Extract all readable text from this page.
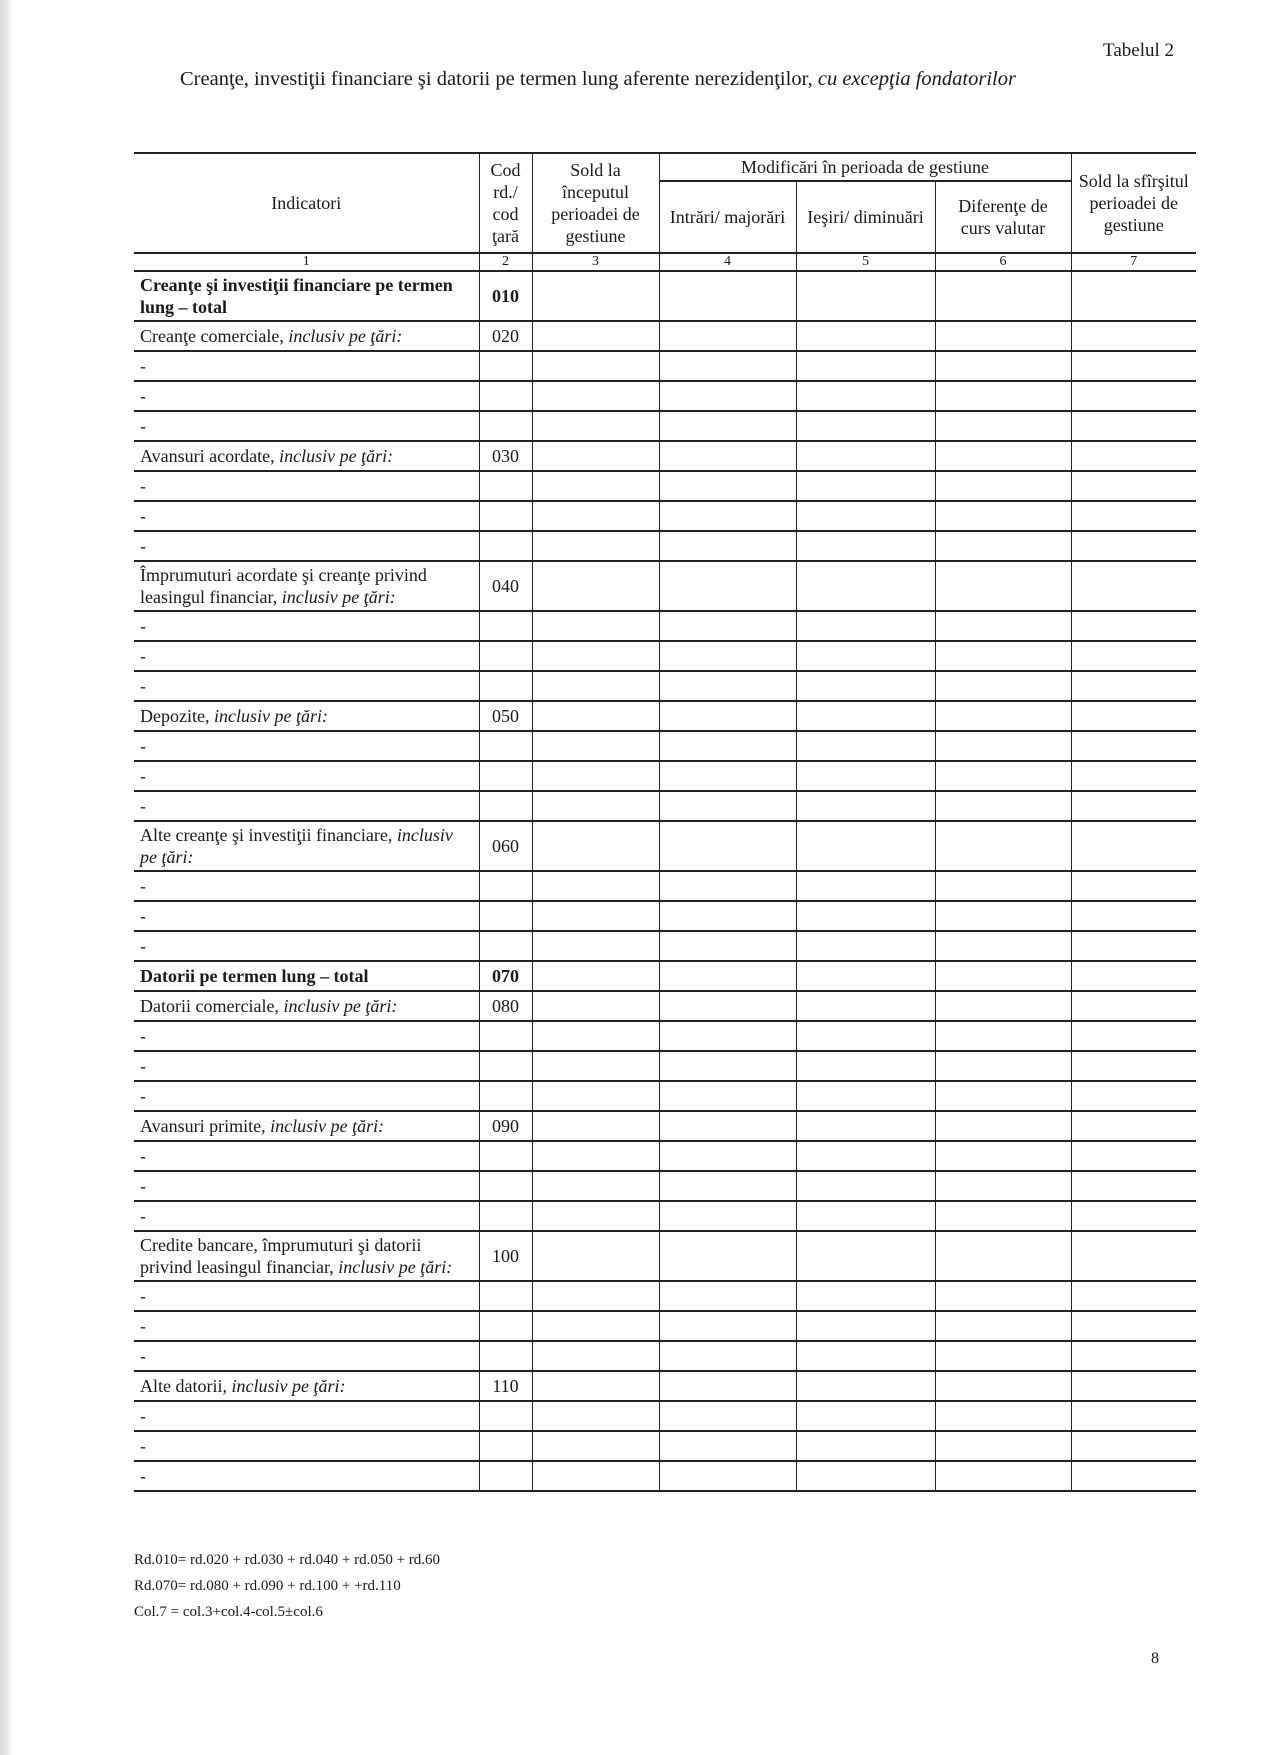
Tabelul 2
Creanţe, investiţii financiare şi datorii pe termen lung aferente nerezidenţilor, cu excepţia fondatorilor
Indicatori	Cod rd./ cod ţară	Sold la începutul perioadei de gestiune	Modificări în perioada de gestiune			Sold la sfîrşitul perioadei de gestiune
			Intrări/ majorări	Ieşiri/ diminuări	Diferenţe de curs valutar	
1	2	3	4	5	6	7
Creanţe şi investiţii financiare pe termen lung – total	010					
Creanţe comerciale, inclusiv pe ţări:	020					
-						
-						
-						
Avansuri acordate, inclusiv pe ţări:	030					
-						
-						
-						
Împrumuturi acordate şi creanţe privind leasingul financiar, inclusiv pe ţări:	040					
-						
-						
-						
Depozite, inclusiv pe ţări:	050					
-						
-						
-						
Alte creanţe şi investiţii financiare, inclusiv pe ţări:	060					
-						
-						
-						
Datorii pe termen lung – total	070					
Datorii comerciale, inclusiv pe ţări:	080					
-						
-						
-						
Avansuri primite, inclusiv pe ţări:	090					
-						
-						
-						
Credite bancare, împrumuturi şi datorii privind leasingul financiar, inclusiv pe ţări:	100					
-						
-						
-						
Alte datorii, inclusiv pe ţări:	110					
-						
-						
-						
Rd.010= rd.020 + rd.030 + rd.040 + rd.050 + rd.60
Rd.070= rd.080 + rd.090 + rd.100 + +rd.110
Col.7 = col.3+col.4-col.5±col.6
8
